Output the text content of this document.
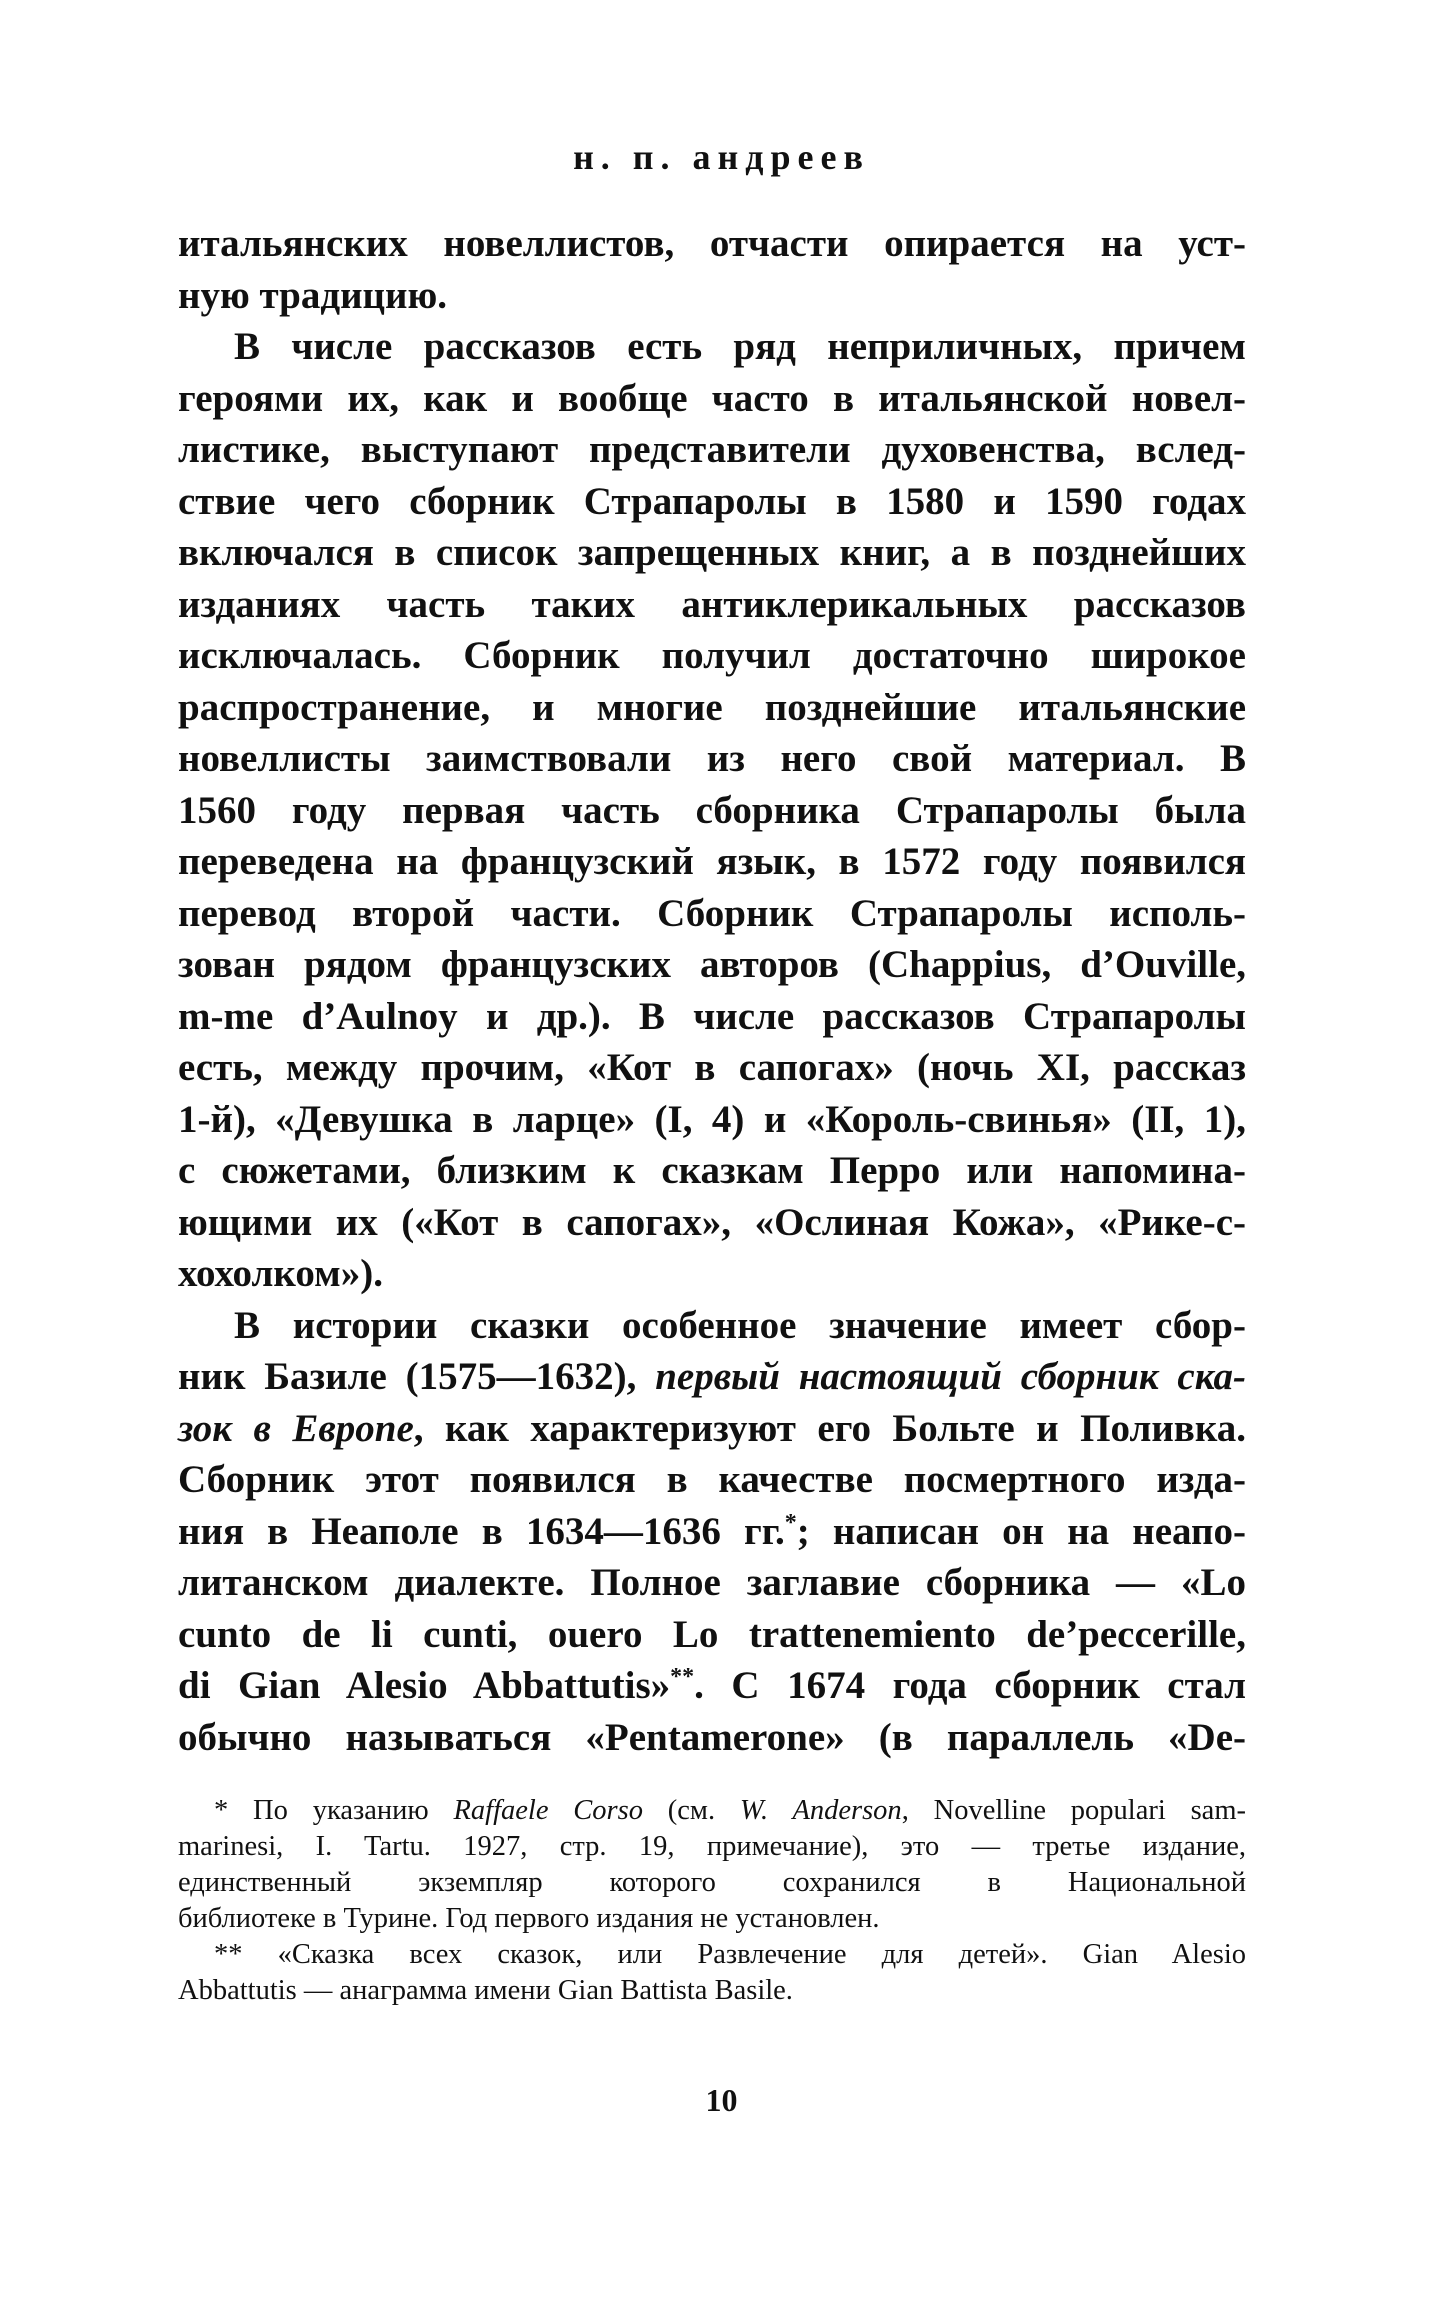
н. п. андреев
итальянских новеллистов, отчасти опирается на уст-
ную традицию.
В числе рассказов есть ряд неприличных, причем
героями их, как и вообще часто в итальянской новел-
листике, выступают представители духовенства, вслед-
ствие чего сборник Страпаролы в 1580 и 1590 годах
включался в список запрещенных книг, а в позднейших
изданиях часть таких антиклерикальных рассказов
исключалась. Сборник получил достаточно широкое
распространение, и многие позднейшие итальянские
новеллисты заимствовали из него свой материал. В
1560 году первая часть сборника Страпаролы была
переведена на французский язык, в 1572 году появился
перевод второй части. Сборник Страпаролы исполь-
зован рядом французских авторов (Chappius, d’Ouville,
m-me d’Aulnoy и др.). В числе рассказов Страпаролы
есть, между прочим, «Кот в сапогах» (ночь XI, рассказ
1-й), «Девушка в ларце» (I, 4) и «Король-свинья» (II, 1),
с сюжетами, близким к сказкам Перро или напомина-
ющими их («Кот в сапогах», «Ослиная Кожа», «Рике-с-
хохолком»).
В истории сказки особенное значение имеет сбор-
ник Базиле (1575—1632), первый настоящий сборник ска-
зок в Европе, как характеризуют его Больте и Поливка.
Сборник этот появился в качестве посмертного изда-
ния в Неаполе в 1634—1636 гг.*; написан он на неапо-
литанском диалекте. Полное заглавие сборника — «Lo
cunto de li cunti, ouero Lo trattenemiento de’peccerille,
di Gian Alesio Abbattutis»**. С 1674 года сборник стал
обычно называться «Pentamerone» (в параллель «De-
* По указанию Raffaele Corso (см. W. Anderson, Novelline populari sam-
marinesi, I. Tartu. 1927, стр. 19, примечание), это — третье издание,
единственный экземпляр которого сохранился в Национальной
библиотеке в Турине. Год первого издания не установлен.
** «Сказка всех сказок, или Развлечение для детей». Gian Alesio
Abbattutis — анаграмма имени Gian Battista Basile.
10
